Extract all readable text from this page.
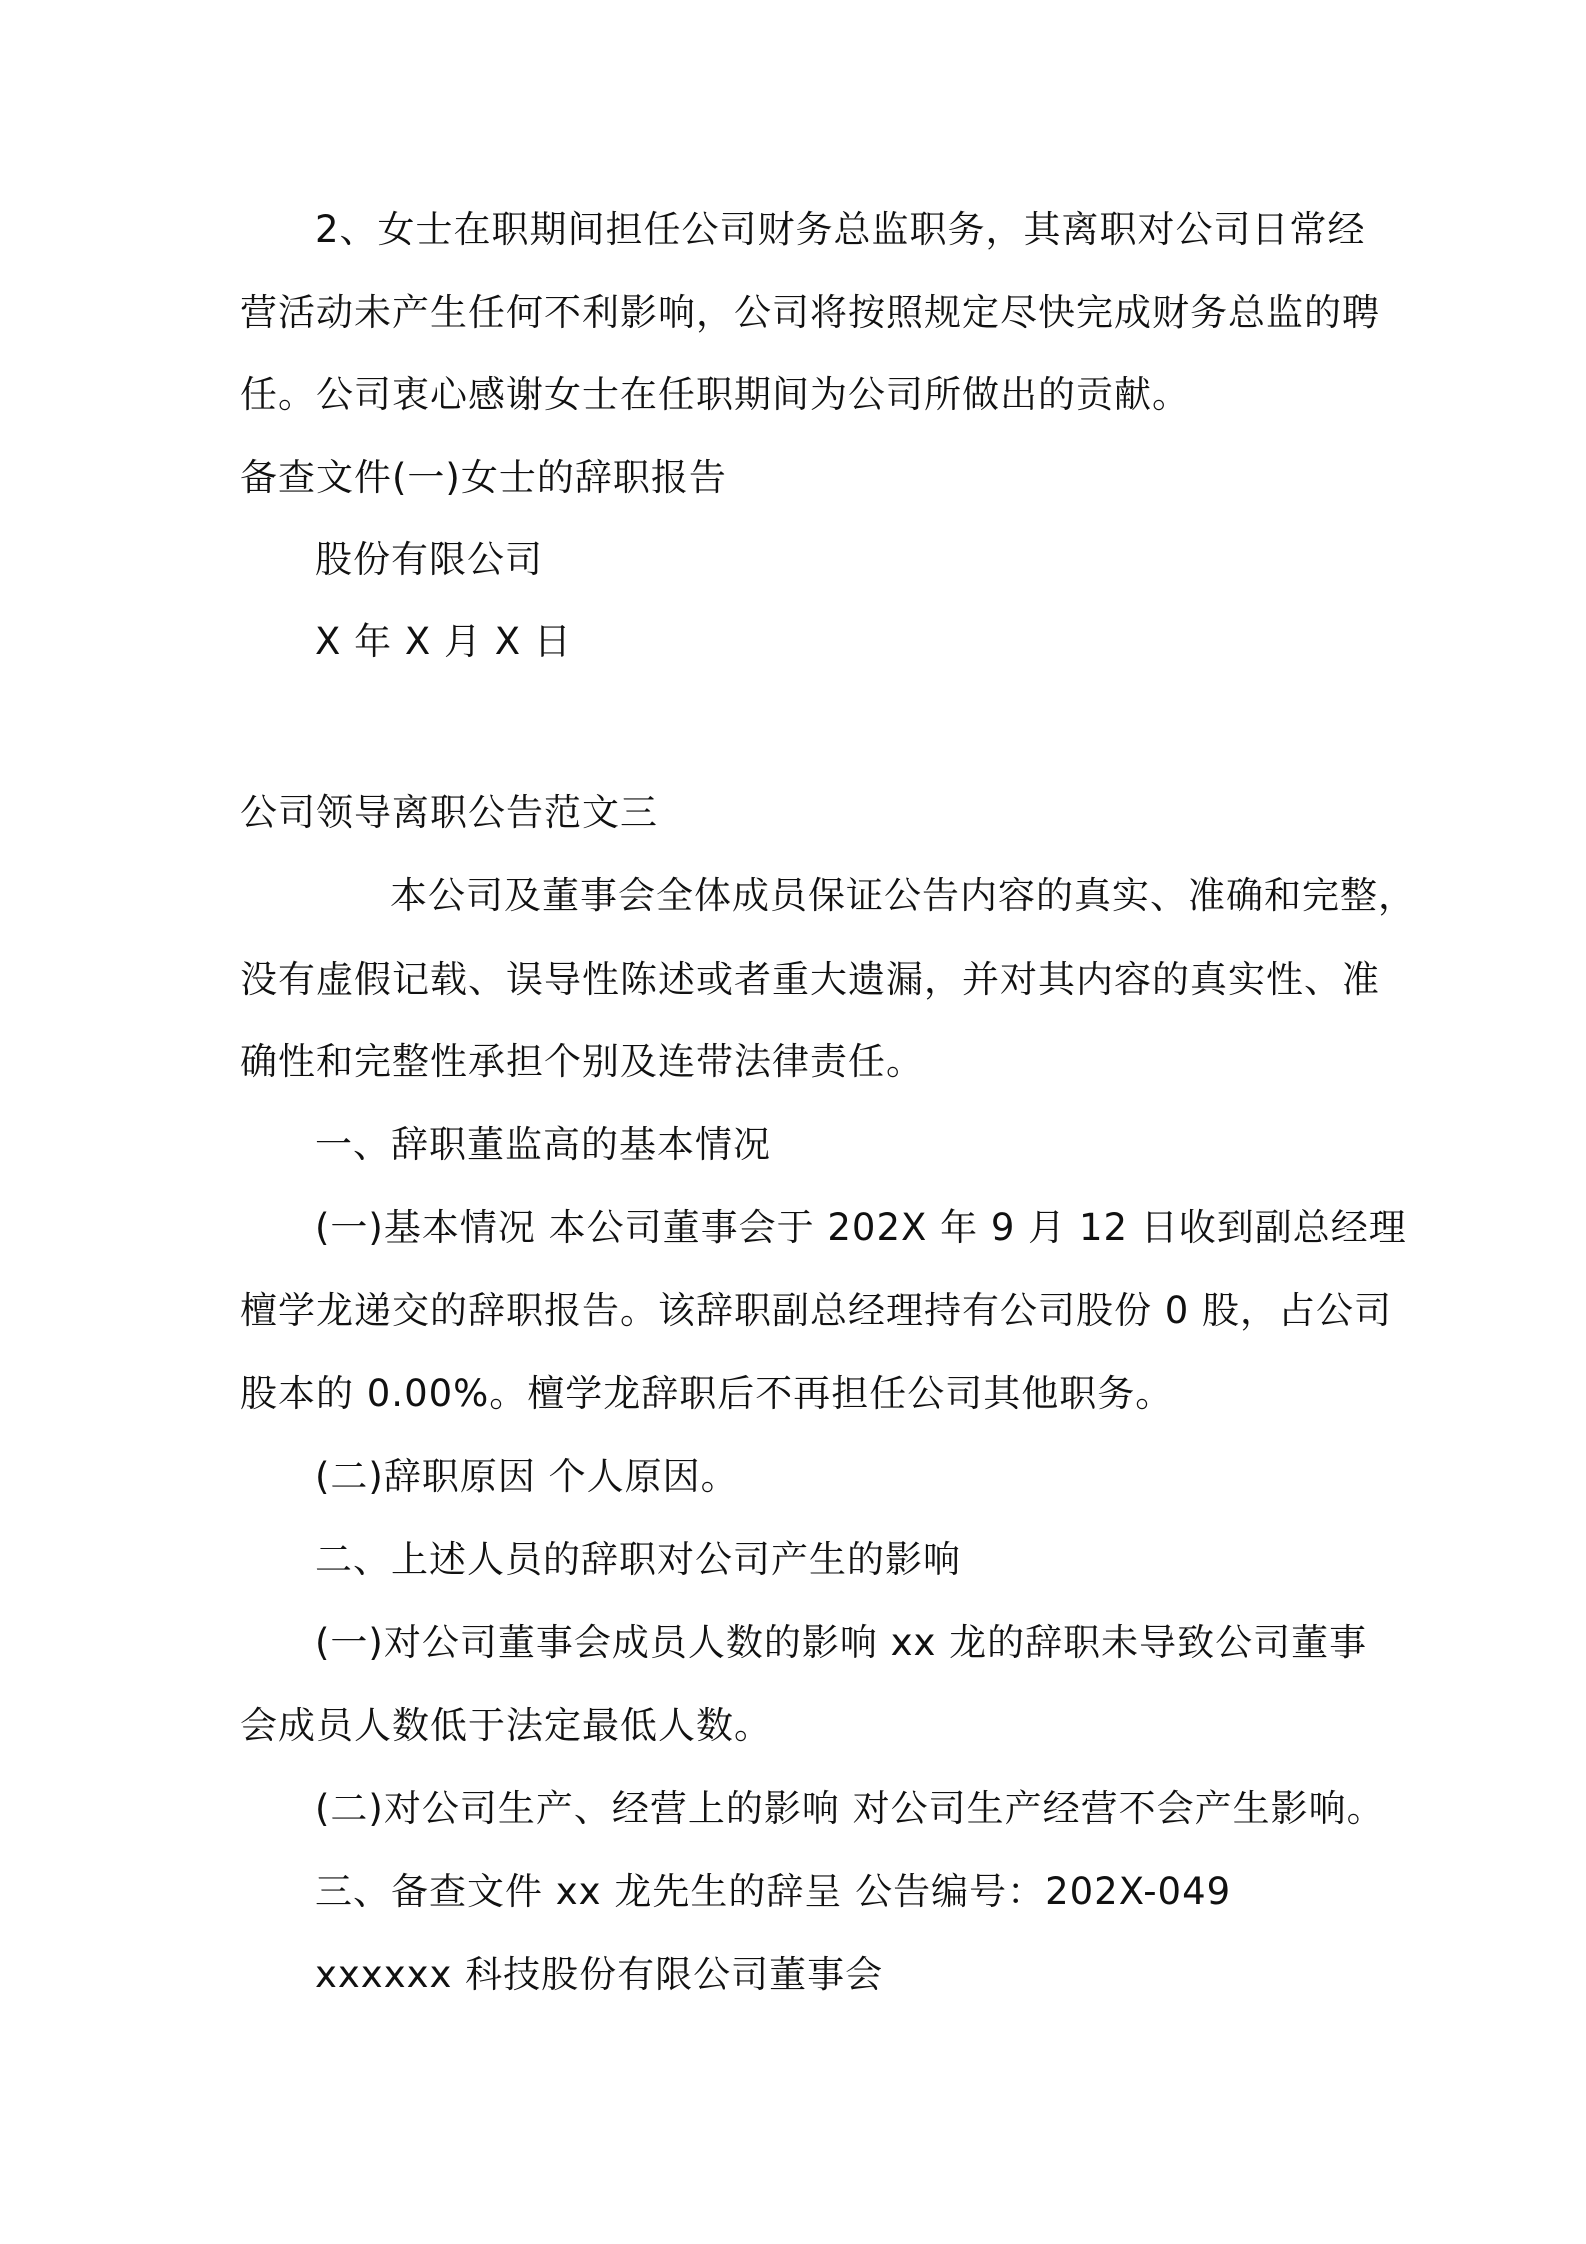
2、女士在职期间担任公司财务总监职务，其离职对公司日常经
营活动未产生任何不利影响，公司将按照规定尽快完成财务总监的聘
任。公司衷心感谢女士在任职期间为公司所做出的贡献。
备查文件(一)女士的辞职报告
股份有限公司
X 年 X 月 X 日
公司领导离职公告范文三
本公司及董事会全体成员保证公告内容的真实、准确和完整，
没有虚假记载、误导性陈述或者重大遗漏，并对其内容的真实性、准
确性和完整性承担个别及连带法律责任。
一、辞职董监高的基本情况
(一)基本情况 本公司董事会于 202X 年 9 月 12 日收到副总经理
檀学龙递交的辞职报告。该辞职副总经理持有公司股份 0 股，占公司
股本的 0.00%。檀学龙辞职后不再担任公司其他职务。
(二)辞职原因 个人原因。
二、上述人员的辞职对公司产生的影响
(一)对公司董事会成员人数的影响 xx 龙的辞职未导致公司董事
会成员人数低于法定最低人数。
(二)对公司生产、经营上的影响 对公司生产经营不会产生影响。
三、备查文件 xx 龙先生的辞呈 公告编号：202X-049
xxxxxx 科技股份有限公司董事会
